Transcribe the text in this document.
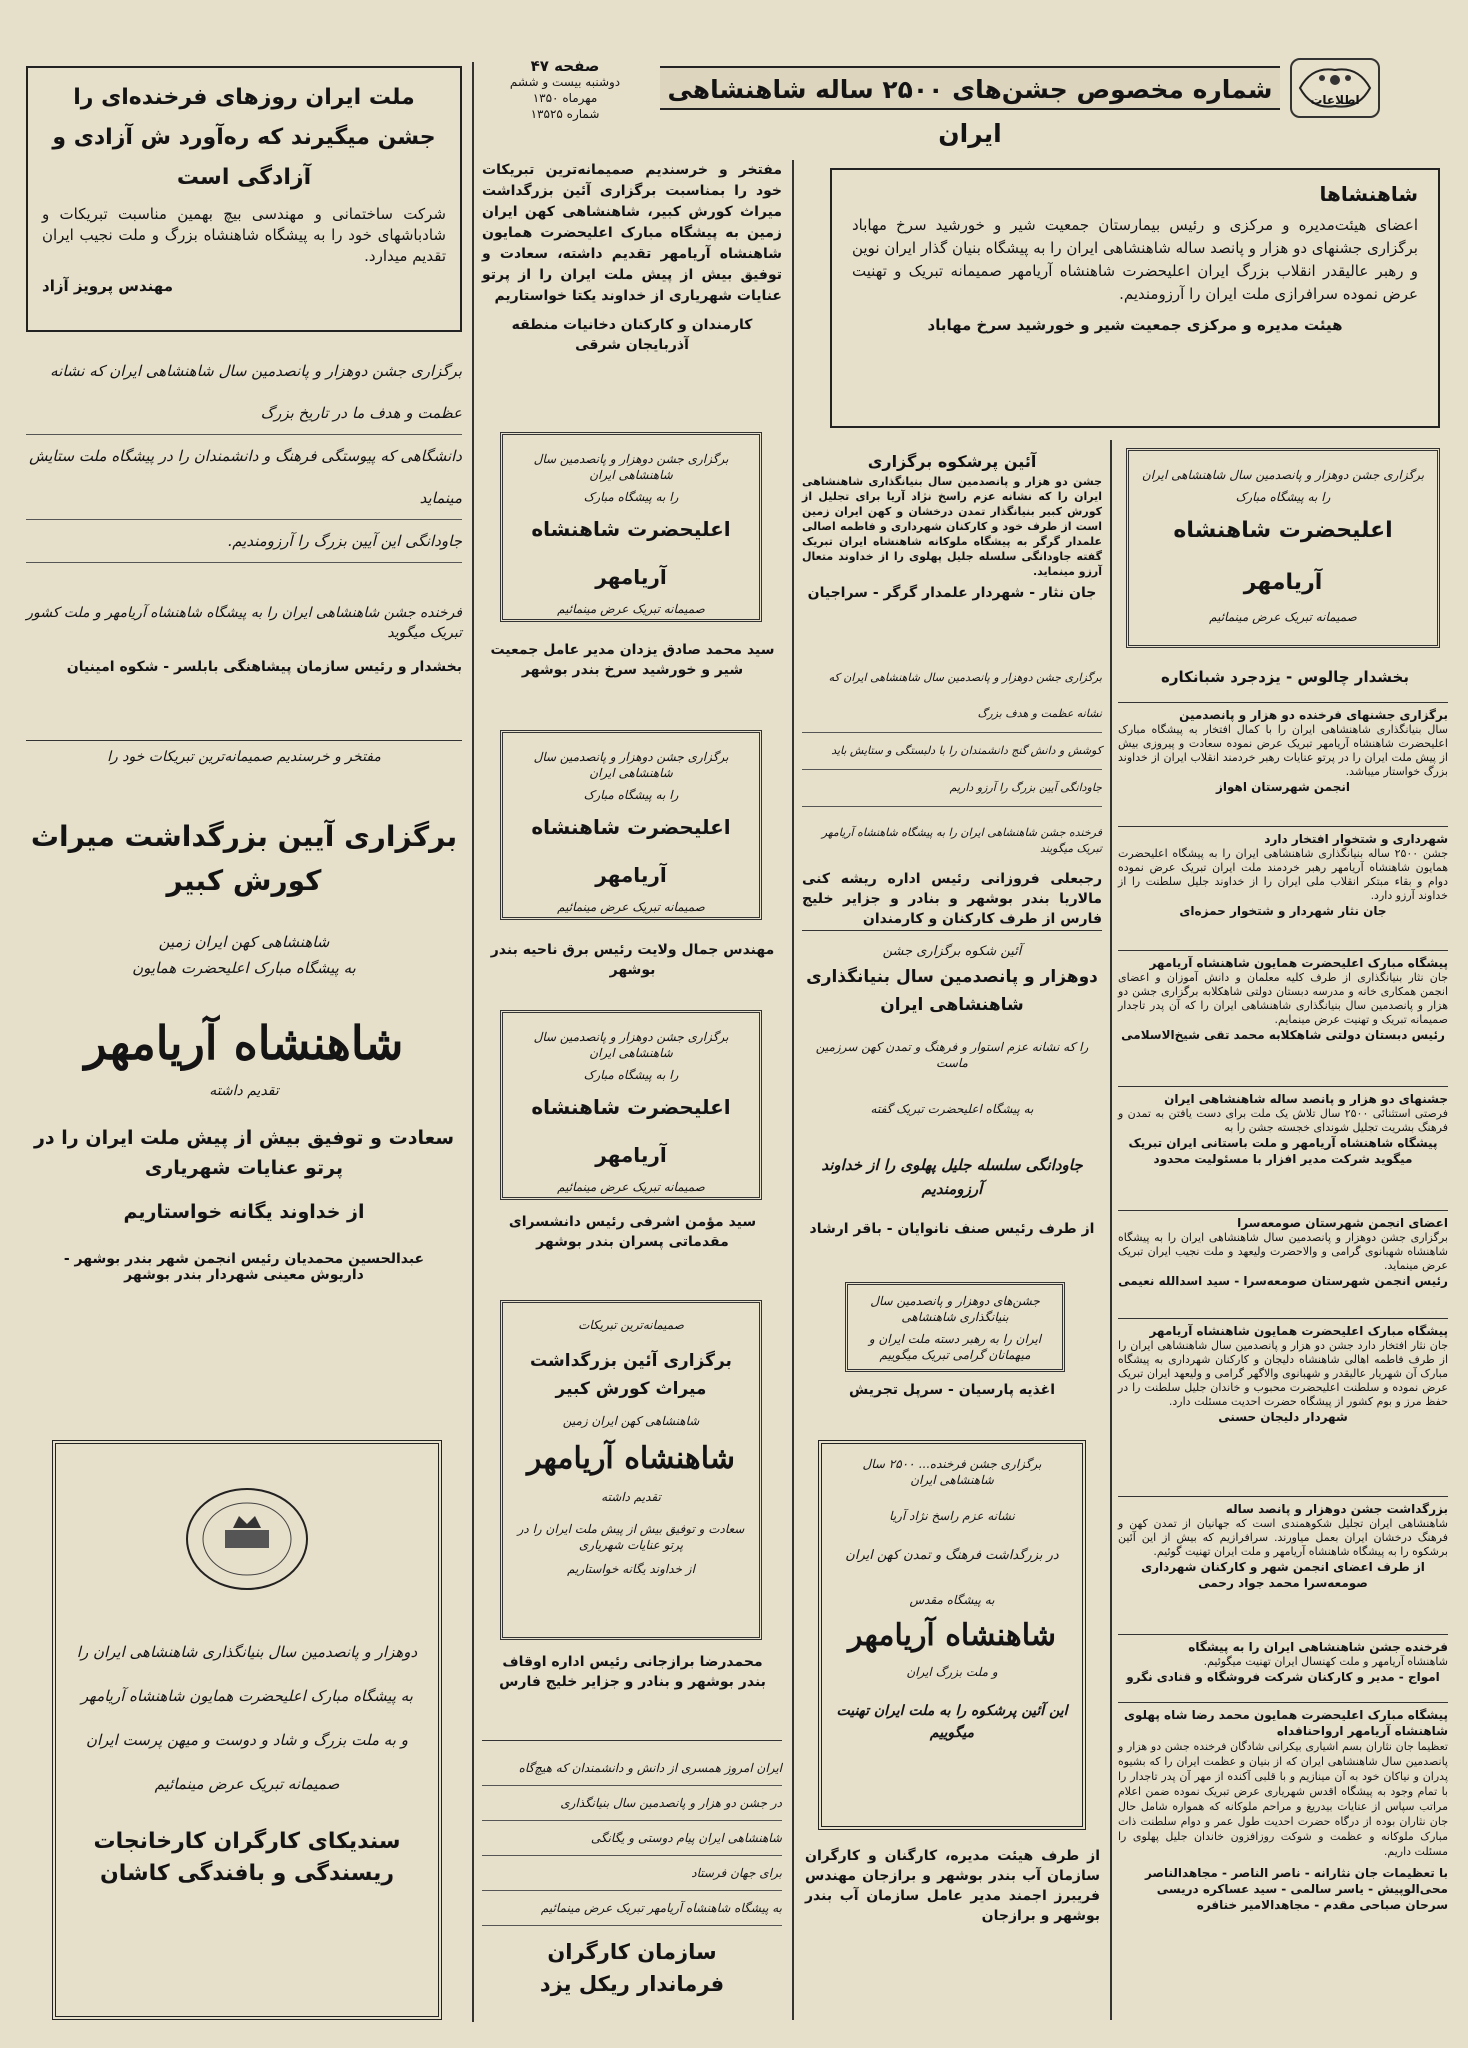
اطلاعات
شماره مخصوص جشن‌های ۲۵۰۰ ساله شاهنشاهی ایران
صفحه ۴۷
دوشنبه بیست و ششم
مهرماه ۱۳۵۰
شماره ۱۳۵۲۵
ملت ایران روزهای فرخنده‌ای را جشن میگیرند که ره‌آورد ش آزادی و آزادگی است
شرکت ساختمانی و مهندسی بیچ بهمین مناسبت تبریکات و شادباشهای خود را به پیشگاه شاهنشاه بزرگ و ملت نجیب ایران تقدیم میدارد.
مهندس پرویز آزاد
برگزاری جشن دوهزار و پانصدمین سال شاهنشاهی ایران که نشانه عظمت و هدف ما در تاریخ بزرگ
دانشگاهی که پیوستگی فرهنگ و دانشمندان را در پیشگاه ملت ستایش مینماید
جاودانگی این آیین بزرگ را آرزومندیم.
فرخنده جشن شاهنشاهی ایران را به پیشگاه شاهنشاه آریامهر و ملت کشور تبریک میگوید
بخشدار و رئیس سازمان پیشاهنگی بابلسر - شکوه امینیان
مفتخر و خرسندیم صمیمانه‌ترین تبریکات خود را
برگزاری آیین بزرگداشت میراث کورش کبیر
شاهنشاهی کهن ایران زمین
به پیشگاه مبارک اعلیحضرت همایون
شاهنشاه آریامهر
تقدیم داشته
سعادت و توفیق بیش از پیش ملت ایران را در پرتو عنایات شهریاری
از خداوند یگانه خواستاریم
عبدالحسین محمدیان رئیس انجمن شهر بندر بوشهر -
داریوش معینی شهردار بندر بوشهر
دوهزار و پانصدمین سال بنیانگذاری شاهنشاهی ایران را
به پیشگاه مبارک اعلیحضرت همایون شاهنشاه آریامهر
و به ملت بزرگ و شاد و دوست و میهن پرست ایران
صمیمانه تبریک عرض مینمائیم
سندیکای کارگران کارخانجات
ریسندگی و بافندگی کاشان
مفتخر و خرسندیم صمیمانه‌ترین تبریکات خود را بمناسبت برگزاری آئین بزرگداشت میراث کورش کبیر، شاهنشاهی کهن ایران زمین به پیشگاه مبارک اعلیحضرت همایون شاهنشاه آریامهر تقدیم داشته، سعادت و توفیق بیش از پیش ملت ایران را از پرتو عنایات شهریاری از خداوند یکتا خواستاریم
کارمندان و کارکنان دخانیات منطقه آذربایجان شرقی
برگزاری جشن دوهزار و پانصدمین سال شاهنشاهی ایران
را به پیشگاه مبارک
اعلیحضرت شاهنشاه آریامهر
صمیمانه تبریک عرض مینمائیم
سید محمد صادق یزدان مدیر عامل جمعیت شیر و خورشید سرخ بندر بوشهر
برگزاری جشن دوهزار و پانصدمین سال شاهنشاهی ایران
را به پیشگاه مبارک
اعلیحضرت شاهنشاه آریامهر
صمیمانه تبریک عرض مینمائیم
مهندس جمال ولایت رئیس برق ناحیه بندر بوشهر
برگزاری جشن دوهزار و پانصدمین سال شاهنشاهی ایران
را به پیشگاه مبارک
اعلیحضرت شاهنشاه آریامهر
صمیمانه تبریک عرض مینمائیم
سید مؤمن اشرفی رئیس دانشسرای مقدماتی پسران بندر بوشهر
صمیمانه‌ترین تبریکات
برگزاری آئین بزرگداشت میراث کورش کبیر
شاهنشاهی کهن ایران زمین
شاهنشاه آریامهر
تقدیم داشته
سعادت و توفیق بیش از پیش ملت ایران را در پرتو عنایات شهریاری
از خداوند یگانه خواستاریم
محمدرضا برازجانی رئیس اداره اوقاف بندر بوشهر و بنادر و جزایر خلیج فارس
ایران امروز همسری از دانش و دانشمندان که هیچ‌گاه
در جشن دو هزار و پانصدمین سال بنیانگذاری
شاهنشاهی ایران پیام دوستی و یگانگی
برای جهان فرستاد
به پیشگاه شاهنشاه آریامهر تبریک عرض مینمائیم
سازمان کارگران
فرماندار ریکل یزد
شاهنشاها
اعضای هیئت‌مدیره و مرکزی و رئیس بیمارستان جمعیت شیر و خورشید سرخ مهاباد برگزاری جشنهای دو هزار و پانصد ساله شاهنشاهی ایران را به پیشگاه بنیان گذار ایران نوین و رهبر عالیقدر انقلاب بزرگ ایران اعلیحضرت شاهنشاه آریامهر صمیمانه تبریک و تهنیت عرض نموده سرافرازی ملت ایران را آرزومندیم.
هیئت مدیره و مرکزی جمعیت شیر و خورشید سرخ مهاباد
آئین پرشکوه برگزاری
جشن دو هزار و پانصدمین سال بنیانگذاری شاهنشاهی ایران را که نشانه عزم راسخ نژاد آریا برای تجلیل از کورش کبیر بنیانگذار تمدن درخشان و کهن ایران زمین است از طرف خود و کارکنان شهرداری و فاطمه اصالی علمدار گرگر به پیشگاه ملوکانه شاهنشاه ایران تبریک گفته جاودانگی سلسله جلیل پهلوی را از خداوند متعال آرزو مینماید.
جان نثار - شهردار علمدار گرگر - سراجیان
برگزاری جشن دوهزار و پانصدمین سال شاهنشاهی ایران که نشانه عظمت و هدف بزرگ
کوشش و دانش گنج دانشمندان را با دلبستگی و ستایش باید
جاودانگی آیین بزرگ را آرزو داریم
فرخنده جشن شاهنشاهی ایران را به پیشگاه شاهنشاه آریامهر تبریک میگویند
رجبعلی فروزانی رئیس اداره ریشه کنی مالاریا بندر بوشهر و بنادر و جزایر خلیج فارس از طرف کارکنان و کارمندان
آئین شکوه برگزاری جشن
دوهزار و پانصدمین سال بنیانگذاری
شاهنشاهی ایران
را که نشانه عزم استوار و فرهنگ و تمدن کهن سرزمین ماست
به پیشگاه اعلیحضرت تبریک گفته
جاودانگی سلسله جلیل پهلوی را از خداوند آرزومندیم
از طرف رئیس صنف نانوایان - باقر ارشاد
جشن‌های دوهزار و پانصدمین سال بنیانگذاری شاهنشاهی
ایران را به رهبر دسته ملت ایران و میهمانان گرامی تبریک میگوییم
اغذیه پارسیان - سرپل تجریش
برگزاری جشن فرخنده... ۲۵۰۰ سال شاهنشاهی ایران
نشانه عزم راسخ نژاد آریا
در بزرگداشت فرهنگ و تمدن کهن ایران
به پیشگاه مقدس
شاهنشاه آریامهر
و ملت بزرگ ایران
این آئین پرشکوه را به ملت ایران تهنیت میگوییم
از طرف هیئت مدیره، کارگنان و کارگران سازمان آب بندر بوشهر و برازجان مهندس فریبرز اجمند مدیر عامل سازمان آب بندر بوشهر و برازجان
برگزاری جشن دوهزار و پانصدمین سال شاهنشاهی ایران
را به پیشگاه مبارک
اعلیحضرت شاهنشاه آریامهر
صمیمانه تبریک عرض مینمائیم
بخشدار چالوس - یزدجرد شبانکاره
برگزاری جشنهای فرخنده دو هزار و پانصدمین
سال بنیانگذاری شاهنشاهی ایران را با کمال افتخار به پیشگاه مبارک اعلیحضرت شاهنشاه آریامهر تبریک عرض نموده سعادت و پیروزی بیش از پیش ملت ایران را در پرتو عنایات رهبر خردمند انقلاب ایران از خداوند بزرگ خواستار میباشد.
انجمن شهرستان اهواز
شهرداری و شتخوار افتخار دارد
جشن ۲۵۰۰ ساله بنیانگذاری شاهنشاهی ایران را به پیشگاه اعلیحضرت همایون شاهنشاه آریامهر رهبر خردمند ملت ایران تبریک عرض نموده دوام و بقاء مبتکر انقلاب ملی ایران را از خداوند جلیل سلطنت را از خداوند آرزو دارد.
جان نثار شهردار و شتخوار حمزه‌ای
پیشگاه مبارک اعلیحضرت همایون شاهنشاه آریامهر
جان نثار بنیانگذاری از طرف کلیه معلمان و دانش آموزان و اعضای انجمن همکاری خانه و مدرسه دبستان دولتی شاهکلابه برگزاری جشن دو هزار و پانصدمین سال بنیانگذاری شاهنشاهی ایران را که آن پدر تاجدار صمیمانه تبریک و تهنیت عرض مینمایم.
رئیس دبستان دولتی شاهکلابه محمد تقی شیخ‌الاسلامی
جشنهای دو هزار و پانصد ساله شاهنشاهی ایران
فرصتی استثنائی ۲۵۰۰ سال تلاش یک ملت برای دست یافتن به تمدن و فرهنگ بشریت تجلیل شوندای خجسته جشن را به
پیشگاه شاهنشاه آریامهر و ملت باستانی ایران تبریک میگوید شرکت مدیر افزار با مسئولیت محدود
اعضای انجمن شهرستان صومعه‌سرا
برگزاری جشن دوهزار و پانصدمین سال شاهنشاهی ایران را به پیشگاه شاهنشاه شهبانوی گرامی و والاحضرت ولیعهد و ملت نجیب ایران تبریک عرض مینماید.
رئیس انجمن شهرستان صومعه‌سرا - سید اسدالله نعیمی
پیشگاه مبارک اعلیحضرت همایون شاهنشاه آریامهر
جان نثار افتخار دارد جشن دو هزار و پانصدمین سال شاهنشاهی ایران را از طرف فاطمه اهالی شاهنشاه دلیجان و کارکنان شهرداری به پیشگاه مبارک آن شهریار عالیقدر و شهبانوی والاگهر گرامی و ولیعهد ایران تبریک عرض نموده و سلطنت اعلیحضرت محبوب و خاندان جلیل سلطنت را در حفظ مرز و بوم کشور از پیشگاه حضرت احدیت مسئلت دارد.
شهردار دلیجان حسنی
بزرگداشت جشن دوهزار و پانصد ساله
شاهنشاهی ایران تجلیل شکوهمندی است که جهانیان از تمدن کهن و فرهنگ درخشان ایران بعمل میاورند. سرافرازیم که بیش از این آئین برشکوه را به پیشگاه شاهنشاه آریامهر و ملت ایران تهنیت گوئیم.
از طرف اعضای انجمن شهر و کارکنان شهرداری صومعه‌سرا محمد جواد رحمی
فرخنده جشن شاهنشاهی ایران را به پیشگاه
شاهنشاه آریامهر و ملت کهنسال ایران تهنیت میگوئیم.
امواج - مدیر و کارکنان شرکت فروشگاه و قنادی نگرو
پیشگاه مبارک اعلیحضرت همایون محمد رضا شاه پهلوی شاهنشاه آریامهر ارواحنافداه
تعظیما جان نثاران بسم اشیاری بیکرانی شادگان فرخنده جشن دو هزار و پانصدمین سال شاهنشاهی ایران که از بنیان و عظمت ایران را که بشیوه پدران و نیاکان خود به آن مینازیم و با قلبی آکنده از مهر آن پدر تاجدار را با تمام وجود به پیشگاه اقدس شهریاری عرض تبریک نموده ضمن اعلام مراتب سپاس از عنایات بیدریغ و مراحم ملوکانه که همواره شامل حال جان نثاران بوده از درگاه حضرت احدیت طول عمر و دوام سلطنت ذات مبارک ملوکانه و عظمت و شوکت روزافزون خاندان جلیل پهلوی را مسئلت داریم.
با تعظیمات جان نثارانه - ناصر الناصر - مجاهدالناصر
محی‌الوپیش - یاسر سالمی - سید عساکره دریسی
سرحان صباحی مقدم - مجاهدالامیر خنافره
